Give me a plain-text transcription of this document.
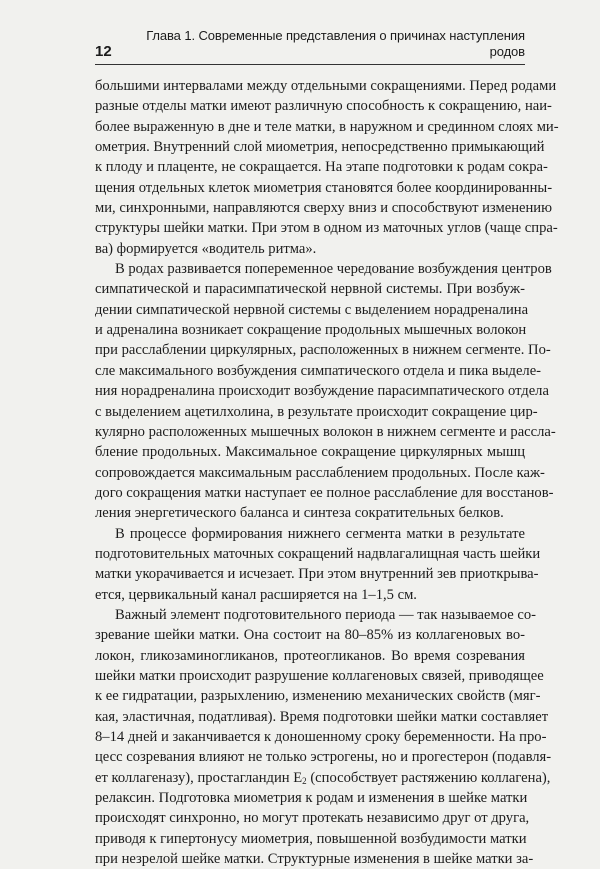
12
Глава 1. Современные представления о причинах наступления родов
большими интервалами между отдельными сокращениями. Перед родами
разные отделы матки имеют различную способность к сокращению, наи-
более выраженную в дне и теле матки, в наружном и срединном слоях ми-
ометрия. Внутренний слой миометрия, непосредственно примыкающий
к плоду и плаценте, не сокращается. На этапе подготовки к родам сокра-
щения отдельных клеток миометрия становятся более координированны-
ми, синхронными, направляются сверху вниз и способствуют изменению
структуры шейки матки. При этом в одном из маточных углов (чаще спра-
ва) формируется «водитель ритма».
В родах развивается попеременное чередование возбуждения центров
симпатической и парасимпатической нервной системы. При возбуж-
дении симпатической нервной системы с выделением норадреналина
и адреналина возникает сокращение продольных мышечных волокон
при расслаблении циркулярных, расположенных в нижнем сегменте. По-
сле максимального возбуждения симпатического отдела и пика выделе-
ния норадреналина происходит возбуждение парасимпатического отдела
с выделением ацетилхолина, в результате происходит сокращение цир-
кулярно расположенных мышечных волокон в нижнем сегменте и рассла-
бление продольных. Максимальное сокращение циркулярных мышц
сопровождается максимальным расслаблением продольных. После каж-
дого сокращения матки наступает ее полное расслабление для восстанов-
ления энергетического баланса и синтеза сократительных белков.
В процессе формирования нижнего сегмента матки в результате
подготовительных маточных сокращений надвлагалищная часть шейки
матки укорачивается и исчезает. При этом внутренний зев приоткрыва-
ется, цервикальный канал расширяется на 1–1,5 см.
Важный элемент подготовительного периода — так называемое со-
зревание шейки матки. Она состоит на 80–85% из коллагеновых во-
локон, гликозаминогликанов, протеогликанов. Во время созревания
шейки матки происходит разрушение коллагеновых связей, приводящее
к ее гидратации, разрыхлению, изменению механических свойств (мяг-
кая, эластичная, податливая). Время подготовки шейки матки составляет
8–14 дней и заканчивается к доношенному сроку беременности. На про-
цесс созревания влияют не только эстрогены, но и прогестерон (подавля-
ет коллагеназу), простагландин $E_2$ (способствует растяжению коллагена),
релаксин. Подготовка миометрия к родам и изменения в шейке матки
происходят синхронно, но могут протекать независимо друг от друга,
приводя к гипертонусу миометрия, повышенной возбудимости матки
при незрелой шейке матки. Структурные изменения в шейке матки за-
